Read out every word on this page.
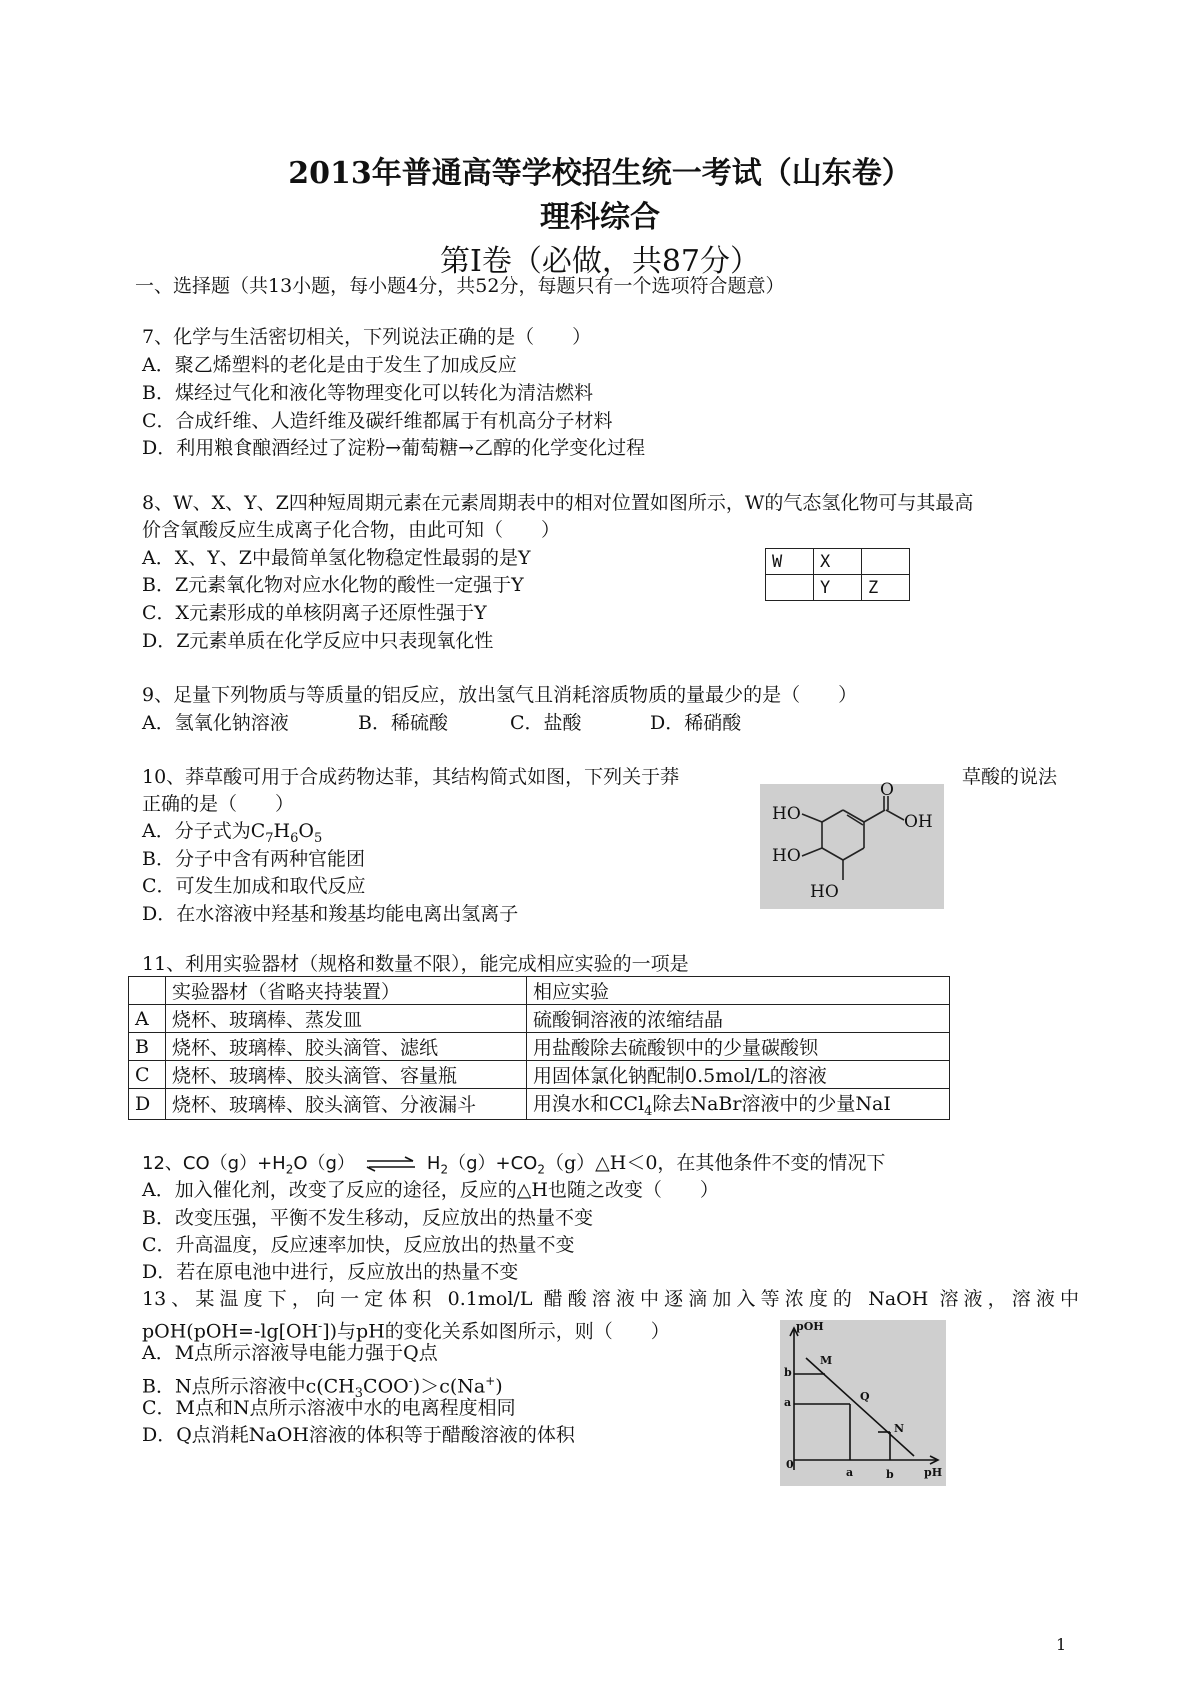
2013年普通高等学校招生统一考试（山东卷）
理科综合
第I卷（必做，共87分）
一、选择题（共13小题，每小题4分，共52分，每题只有一个选项符合题意）
7、化学与生活密切相关，下列说法正确的是（　　）
A．聚乙烯塑料的老化是由于发生了加成反应
B．煤经过气化和液化等物理变化可以转化为清洁燃料
C．合成纤维、人造纤维及碳纤维都属于有机高分子材料
D．利用粮食酿酒经过了淀粉→葡萄糖→乙醇的化学变化过程
8、W、X、Y、Z四种短周期元素在元素周期表中的相对位置如图所示，W的气态氢化物可与其最高
价含氧酸反应生成离子化合物，由此可知（　　）
A．X、Y、Z中最简单氢化物稳定性最弱的是Y
B．Z元素氧化物对应水化物的酸性一定强于Y
C．X元素形成的单核阴离子还原性强于Y
D．Z元素单质在化学反应中只表现氧化性
W	X	
	Y	Z
9、足量下列物质与等质量的铝反应，放出氢气且消耗溶质物质的量最少的是（　　）
A．氢氧化钠溶液	B．稀硫酸	C．盐酸	D．稀硝酸
10、莽草酸可用于合成药物达菲，其结构简式如图，下列关于莽	草酸的说法
正确的是（　　）
A．分子式为$C_7H_6O_5$
B．分子中含有两种官能团
C．可发生加成和取代反应
D．在水溶液中羟基和羧基均能电离出氢离子
HO
HO
HO
O
OH
11、利用实验器材（规格和数量不限），能完成相应实验的一项是
	实验器材（省略夹持装置）	相应实验
A	烧杯、玻璃棒、蒸发皿	硫酸铜溶液的浓缩结晶
B	烧杯、玻璃棒、胶头滴管、滤纸	用盐酸除去硫酸钡中的少量碳酸钡
C	烧杯、玻璃棒、胶头滴管、容量瓶	用固体氯化钠配制0.5mol/L的溶液
D	烧杯、玻璃棒、胶头滴管、分液漏斗	用溴水和CCl$_4$除去NaBr溶液中的少量NaI
12、$CO(g)+H_2O(g)$ ⇌ $H_2(g)+CO_2(g)\triangle H<0$，在其他条件不变的情况下
A．加入催化剂，改变了反应的途径，反应的△H也随之改变（　　）
B．改变压强，平衡不发生移动，反应放出的热量不变
C．升高温度，反应速率加快，反应放出的热量不变
D．若在原电池中进行，反应放出的热量不变
13、某温度下，向一定体积 0.1mol/L 醋酸溶液中逐滴加入等浓度的 NaOH 溶液，溶液中
pOH(pOH=-lg[OH-])与pH的变化关系如图所示，则（　　）
A．M点所示溶液导电能力强于Q点
B．N点所示溶液中$c(CH_3COO^-)>c(Na^+)$
C．M点和N点所示溶液中水的电离程度相同
D．Q点消耗NaOH溶液的体积等于醋酸溶液的体积
pOH
pH
0
b
a
a	b
M
Q
N
1
